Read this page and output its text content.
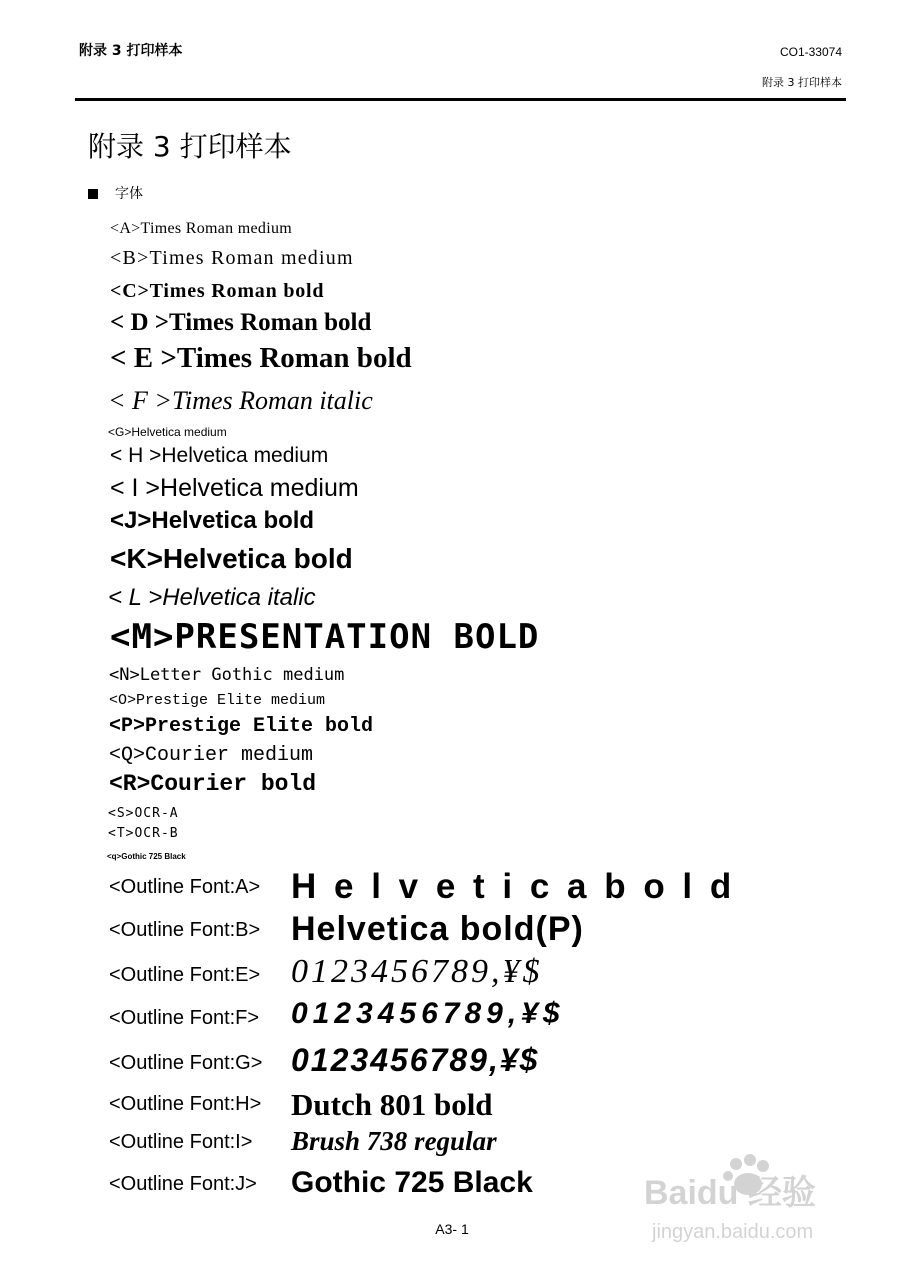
附录 3 打印样本	CO1-33074
附录 3 打印样本
附录 3 打印样本
字体
<A>Times Roman medium
<B>Times Roman medium
<C>Times Roman bold
< D >Times Roman bold
< E >Times Roman bold
< F >Times Roman italic
<G>Helvetica medium
< H >Helvetica medium
< I >Helvetica medium
<J>Helvetica bold
<K>Helvetica bold
< L >Helvetica italic
<M>PRESENTATION BOLD
<N>Letter Gothic medium
<O>Prestige Elite medium
<P>Prestige Elite bold
<Q>Courier medium
<R>Courier bold
<S>OCR-A
<T>OCR-B
<q>Gothic 725 Black
<Outline Font:A> H e l v e t i c a b o l d
<Outline Font:B> Helvetica bold(P)
<Outline Font:E> 0123456789,¥$
<Outline Font:F> 0123456789,¥$
<Outline Font:G> 0123456789,¥$
<Outline Font:H> Dutch 801 bold
<Outline Font:I> Brush 738 regular
<Outline Font:J> Gothic 725 Black
A3- 1
Baidu 经验
jingyan.baidu.com
